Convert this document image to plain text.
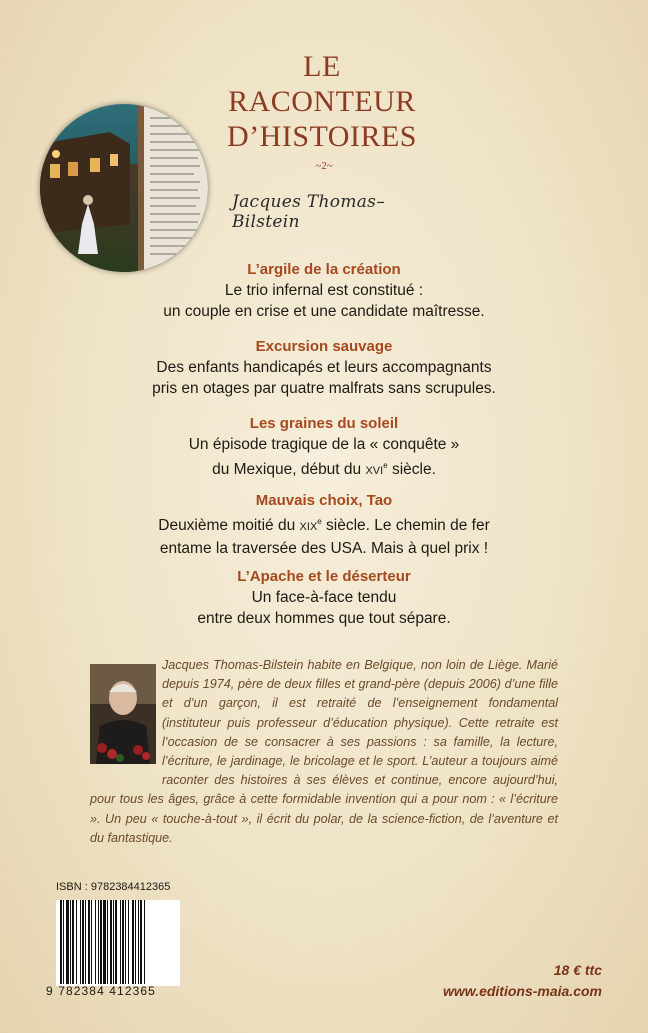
LE
RACONTEUR
D’HISTOIRES
~2~
Jacques Thomas–Bilstein
L’argile de la création
Le trio infernal est constitué :
un couple en crise et une candidate maîtresse.
Excursion sauvage
Des enfants handicapés et leurs accompagnants
pris en otages par quatre malfrats sans scrupules.
Les graines du soleil
Un épisode tragique de la « conquête »
du Mexique, début du XVIe siècle.
Mauvais choix, Tao
Deuxième moitié du XIXe siècle. Le chemin de fer
entame la traversée des USA. Mais à quel prix !
L’Apache et le déserteur
Un face-à-face tendu
entre deux hommes que tout sépare.
Jacques Thomas-Bilstein habite en Belgique, non loin de Liège. Marié depuis 1974, père de deux filles et grand-père (depuis 2006) d’une fille et d’un garçon, il est retraité de l’enseignement fondamental (instituteur puis professeur d’éducation physique). Cette retraite est l’occasion de se consacrer à ses passions : sa famille, la lecture, l’écriture, le jardinage, le bricolage et le sport. L’auteur a toujours aimé raconter des histoires à ses élèves et continue, encore aujourd’hui, pour tous les âges, grâce à cette formidable invention qui a pour nom : « l’écriture ». Un peu « touche-à-tout », il écrit du polar, de la science-fiction, de l’aventure et du fantastique.
ISBN : 9782384412365
9 782384 412365
18 € ttc
www.editions-maia.com
